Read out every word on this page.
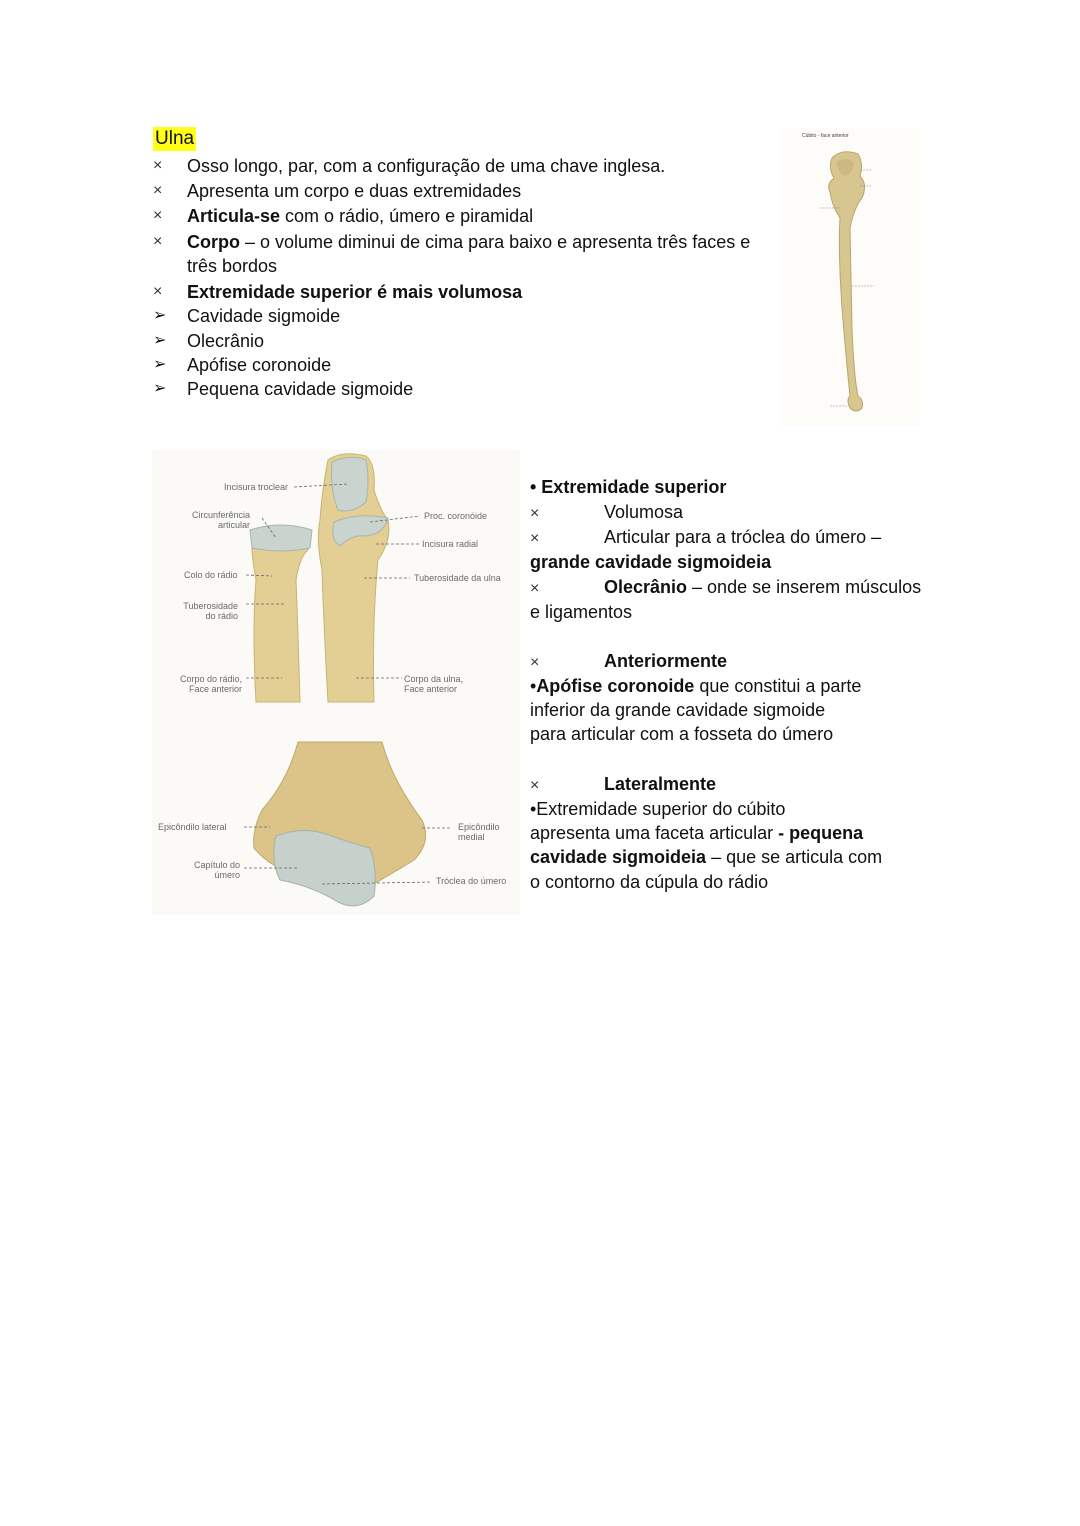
Ulna
×	Osso longo, par, com a configuração de uma chave inglesa.
×	Apresenta um corpo e duas extremidades
×	Articula-se com o rádio, úmero e piramidal
×	Corpo – o volume diminui de cima para baixo e apresenta três faces e
três bordos
×	Extremidade superior é mais volumosa
➢	Cavidade sigmoide
➢	Olecrânio
➢	Apófise coronoide
➢	Pequena cavidade sigmoide
Cúbito - face anterior
Incisura troclear
Circunferência articular
Proc. coronóide
Incisura radial
Colo do rádio	Tuberosidade da ulna
Tuberosidade do rádio
Corpo do rádio, Face anterior
Corpo da ulna, Face anterior
Epicôndilo lateral	Epicôndilo medial
Capítulo do úmero
Tróclea do úmero
• Extremidade superior
×	Volumosa
×	Articular para a tróclea do úmero –
grande cavidade sigmoideia
×	Olecrânio – onde se inserem músculos
e ligamentos
×	Anteriormente
•Apófise coronoide que constitui a parte
inferior da grande cavidade sigmoide
para articular com a fosseta do úmero
×	Lateralmente
•Extremidade superior do cúbito
apresenta uma faceta articular - pequena
cavidade sigmoideia – que se articula com
o contorno da cúpula do rádio
